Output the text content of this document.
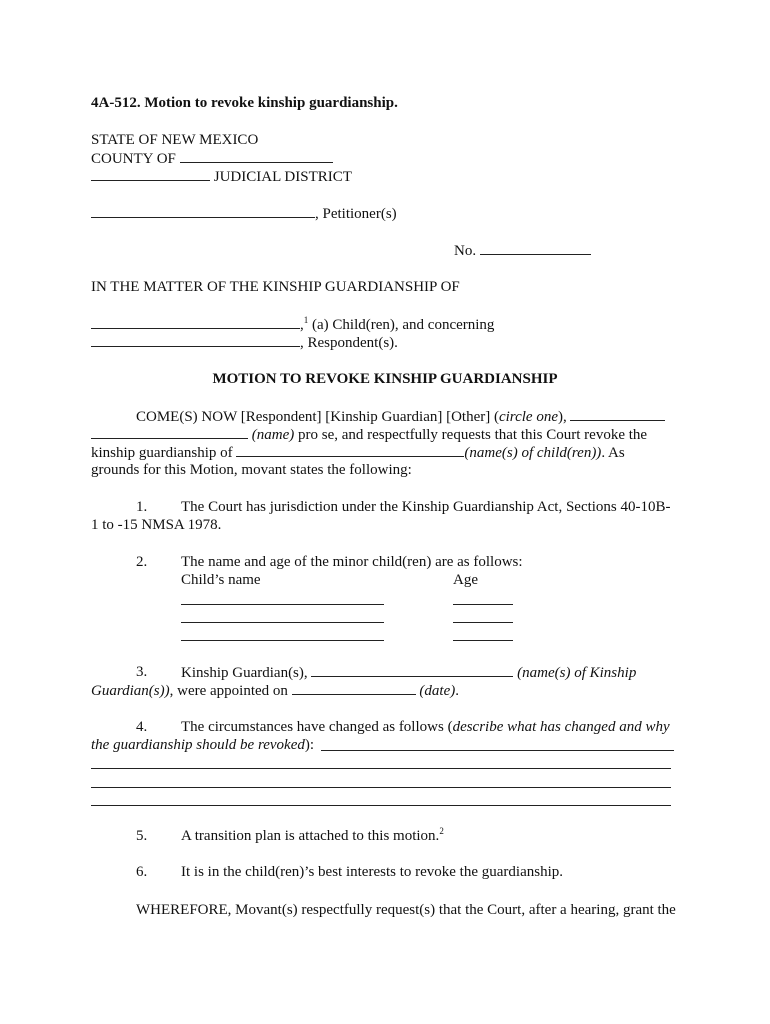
4A-512. Motion to revoke kinship guardianship.
STATE OF NEW MEXICO
COUNTY OF
JUDICIAL DISTRICT
, Petitioner(s)
No.
IN THE MATTER OF THE KINSHIP GUARDIANSHIP OF
,$^1$ (a) Child(ren), and concerning
, Respondent(s).
MOTION TO REVOKE KINSHIP GUARDIANSHIP
COME(S) NOW [Respondent] [Kinship Guardian] [Other] (circle one),
(name) pro se, and respectfully requests that this Court revoke the
kinship guardianship of	(name(s) of child(ren)). As
grounds for this Motion, movant states the following:
1. The Court has jurisdiction under the Kinship Guardianship Act, Sections 40-10B-
1 to -15 NMSA 1978.
2. The name and age of the minor child(ren) are as follows:
Child’s name	Age
3. Kinship Guardian(s),	(name(s) of Kinship
Guardian(s)), were appointed on	(date).
4. The circumstances have changed as follows (describe what has changed and why
the guardianship should be revoked):
5. A transition plan is attached to this motion.$^2$
6. It is in the child(ren)’s best interests to revoke the guardianship.
WHEREFORE, Movant(s) respectfully request(s) that the Court, after a hearing, grant the
